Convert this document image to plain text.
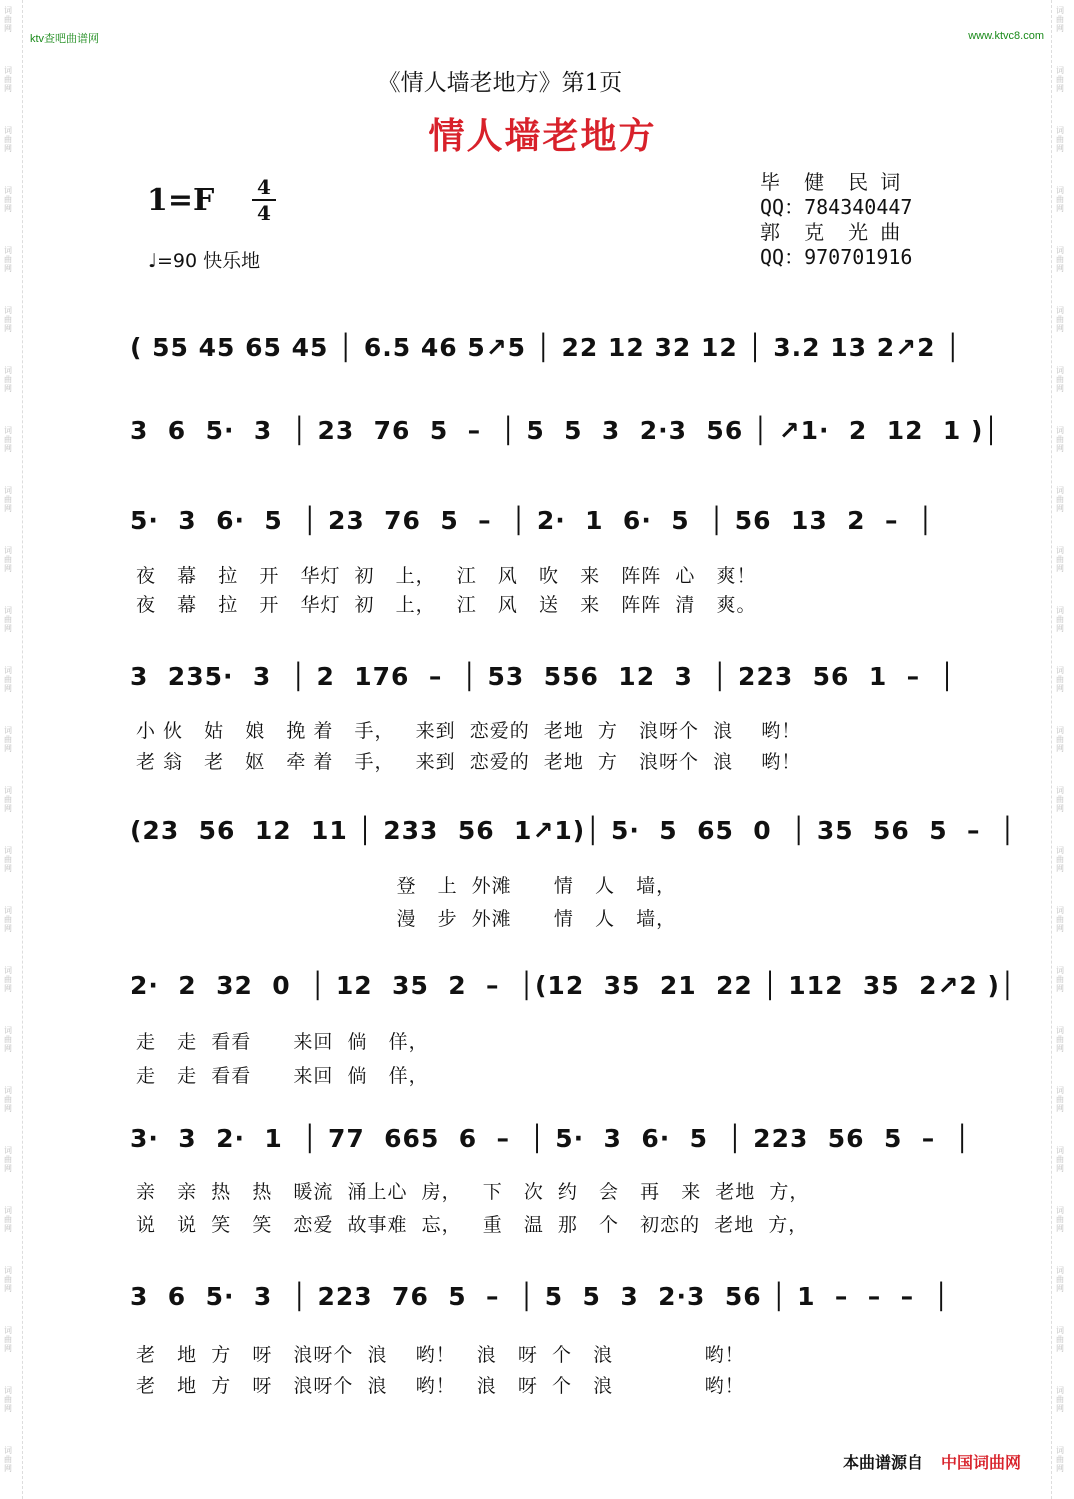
词曲网
词曲网
词曲网
词曲网
词曲网
词曲网
词曲网
词曲网
词曲网
词曲网
词曲网
词曲网
词曲网
词曲网
词曲网
词曲网
词曲网
词曲网
词曲网
词曲网
词曲网
词曲网
词曲网
词曲网
词曲网
词曲网
词曲网
词曲网
词曲网
词曲网
词曲网
词曲网
词曲网
词曲网
词曲网
词曲网
词曲网
词曲网
词曲网
词曲网
词曲网
词曲网
词曲网
词曲网
词曲网
词曲网
词曲网
词曲网
词曲网
词曲网
ktv查吧曲谱网	www.ktvc8.com
《情人墙老地方》第1页
情人墙老地方
1=F 4
4
♩=90 快乐地
毕  健  民 词
QQ：784340447
郭  克  光 曲
QQ：970701916
( 55 45 65 45 │ 6.5 46 5↗5 │ 22 12 32 12 │ 3.2 13 2↗2 │
3  6  5·  3  │ 23  76  5  –  │ 5  5  3  2·3  56 │ ↗1·  2  12  1 )│
5·  3  6·  5  │ 23  76  5  –  │ 2·  1  6·  5  │ 56  13  2  –  │
夜   幕   拉   开   华灯  初   上，   江   风   吹   来   阵阵  心   爽！
夜   幕   拉   开   华灯  初   上，   江   风   送   来   阵阵  清   爽。
3  235·  3  │ 2  176  –  │ 53  556  12  3  │ 223  56  1  –  │
小 伙   姑   娘   挽 着   手，   来到  恋爱的  老地  方   浪呀个  浪    哟！
老 翁   老   妪   牵 着   手，   来到  恋爱的  老地  方   浪呀个  浪    哟！
(23  56  12  11 │ 233  56  1↗1)│ 5·  5  65  0  │ 35  56  5  –  │
登   上  外滩      情   人   墙，
漫   步  外滩      情   人   墙，
2·  2  32  0  │ 12  35  2  –  │(12  35  21  22 │ 112  35  2↗2 )│
走   走  看看      来回  倘   佯，
走   走  看看      来回  倘   佯，
3·  3  2·  1  │ 77  665  6  –  │ 5·  3  6·  5  │ 223  56  5  –  │
亲   亲  热   热   暖流  涌上心  房，   下   次  约   会   再   来  老地  方，
说   说  笑   笑   恋爱  故事难  忘，   重   温  那   个   初恋的  老地  方，
3  6  5·  3  │ 223  76  5  –  │ 5  5  3  2·3  56 │ 1  –  –  –  │
老   地  方   呀   浪呀个  浪    哟！   浪   呀  个   浪             哟！
老   地  方   呀   浪呀个  浪    哟！   浪   呀  个   浪             哟！
本曲谱源自 中国词曲网
